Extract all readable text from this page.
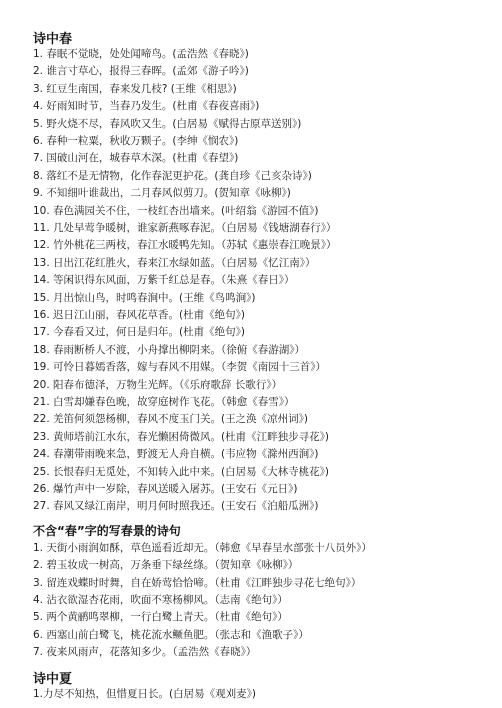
诗中春
1. 春眠不觉晓，处处闻啼鸟。(孟浩然《春晓》)
2. 谁言寸草心，报得三春晖。(孟郊《游子吟》)
3. 红豆生南国，春来发几枝? (王维《相思》)
4. 好雨知时节，当春乃发生。(杜甫《春夜喜雨》)
5. 野火烧不尽，春风吹又生。(白居易《赋得古原草送别》)
6. 春种一粒粟，秋收万颗子。(李绅《悯农》)
7. 国破山河在，城春草木深。(杜甫《春望》)
8. 落红不是无情物，化作春泥更护花。(龚自珍《己亥杂诗》)
9. 不知细叶谁裁出，二月春风似剪刀。(贺知章《咏柳》)
10. 春色满园关不住，一枝红杏出墙来。(叶绍翁《游园不值》)
11. 几处早莺争暖树，谁家新燕啄春泥。（白居易《钱塘湖春行》）
12. 竹外桃花三两枝，春江水暖鸭先知。（苏轼《惠崇春江晚景》）
13. 日出江花红胜火，春来江水绿如蓝。（白居易《忆江南》）
14. 等闲识得东风面，万紫千红总是春。（朱熹《春日》）
15. 月出惊山鸟，时鸣春涧中。(王维《鸟鸣涧》)
16. 迟日江山丽，春风花草香。(杜甫《绝句》)
17. 今春看又过，何日是归年。(杜甫《绝句》)
18. 春雨断桥人不渡，小舟撑出柳阴来。（徐俯《春游湖》）
19. 可怜日暮嫣香落，嫁与春风不用媒。（李贺《南园十三首》）
20. 阳春布德泽，万物生光辉。（《乐府歌辞 长歌行》）
21. 白雪却嫌春色晚，故穿庭树作飞花。（韩愈《春雪》）
22. 羌笛何须怨杨柳，春风不度玉门关。(王之涣《凉州词》)
23. 黄师塔前江水东，春光懒困倚微风。(杜甫《江畔独步寻花》)
24. 春潮带雨晚来急，野渡无人舟自横。(韦应物《滁州西涧》)
25. 长恨春归无觅处，不知转入此中来。(白居易《大林寺桃花》)
26. 爆竹声中一岁除，春风送暖入屠苏。(王安石《元日》)
27. 春风又绿江南岸，明月何时照我还。(王安石《泊船瓜洲》)
不含“春”字的写春景的诗句
1. 天街小雨润如酥，草色遥看近却无。（韩愈《早春呈水部张十八员外》）
2. 碧玉妆成一树高，万条垂下绿丝绦。（贺知章《咏柳》）
3. 留连戏蝶时时舞，自在娇莺恰恰啼。（杜甫《江畔独步寻花七绝句》）
4. 沾衣欲湿杏花雨，吹面不寒杨柳风。（志南《绝句》）
5. 两个黄鹂鸣翠柳，一行白鹭上青天。（杜甫《绝句》）
6. 西塞山前白鹭飞，桃花流水鳜鱼肥。（张志和《渔歌子》）
7. 夜来风雨声，花落知多少。（孟浩然《春晓》）
诗中夏
1.力尽不知热，但惜夏日长。(白居易《观刈麦》)
